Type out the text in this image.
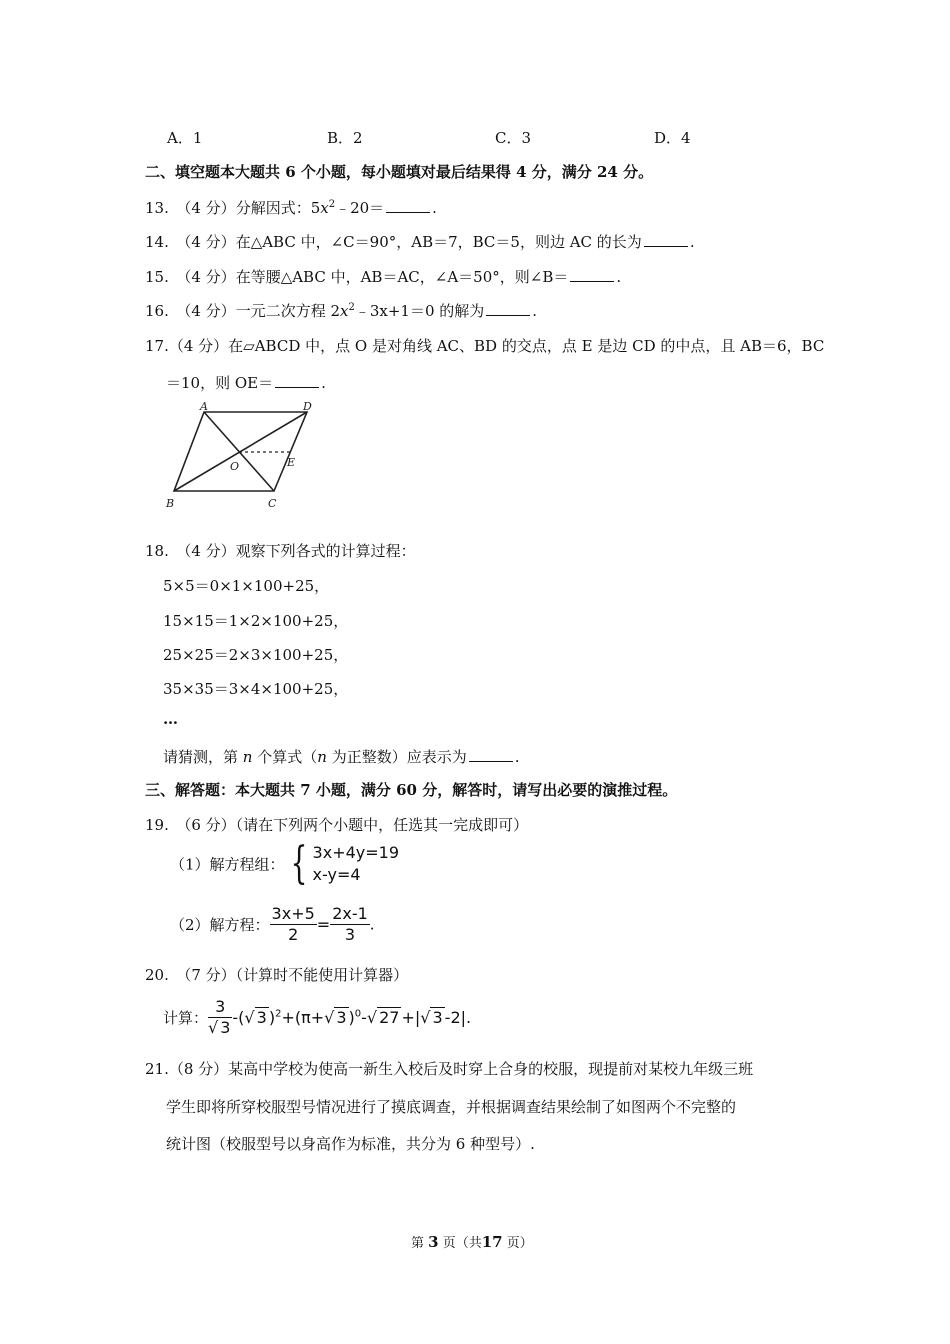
A．1	B．2	C．3	D．4
二、填空题本大题共 6 个小题，每小题填对最后结果得 4 分，满分 24 分。
13.　 （4 分）分解因式：$5x^2﹣20=$	.
14.　 （4 分）在△ABC 中，∠C＝90°，AB＝7，BC＝5，则边 AC 的长为	.
15.　 （4 分）在等腰△ABC 中，AB＝AC，∠A＝50°，则∠B＝	.
16.　 （4 分）一元二次方程 $2x^2﹣3x+1=0$ 的解为	.
17.（4 分）在▱ABCD 中，点 O 是对角线 AC、BD 的交点，点 E 是边 CD 的中点，且 AB＝6，BC
＝10，则 OE＝	.
A	D
O	E
B	C
18.　（4 分）观察下列各式的计算过程：
5×5＝0×1×100+25，
15×15＝1×2×100+25，
25×25＝2×3×100+25，
35×35＝3×4×100+25，
…
请猜测，第 n 个算式（n 为正整数）应表示为	.
三、解答题：本大题共 7 小题，满分 60 分，解答时，请写出必要的演推过程。
19.　（6 分）（请在下列两个小题中，任选其一完成即可）
（1）解方程组： { 3x+4y=19
x-y=4
（2）解方程： $\frac{3x+5}{2} = \frac{2x-1}{3}$ .
20.　（7 分）（计算时不能使用计算器）
计算： $\frac{3}{√ 3}$ -(√ 3 )$^2$+(π+√ 3 )$^0$-√ 27 +|√ 3 -2|.
21.（8 分）某高中学校为使高一新生入校后及时穿上合身的校服，现提前对某校九年级三班
学生即将所穿校服型号情况进行了摸底调查，并根据调查结果绘制了如图两个不完整的
统计图（校服型号以身高作为标准，共分为 6 种型号）.
第 3 页（共17 页）
